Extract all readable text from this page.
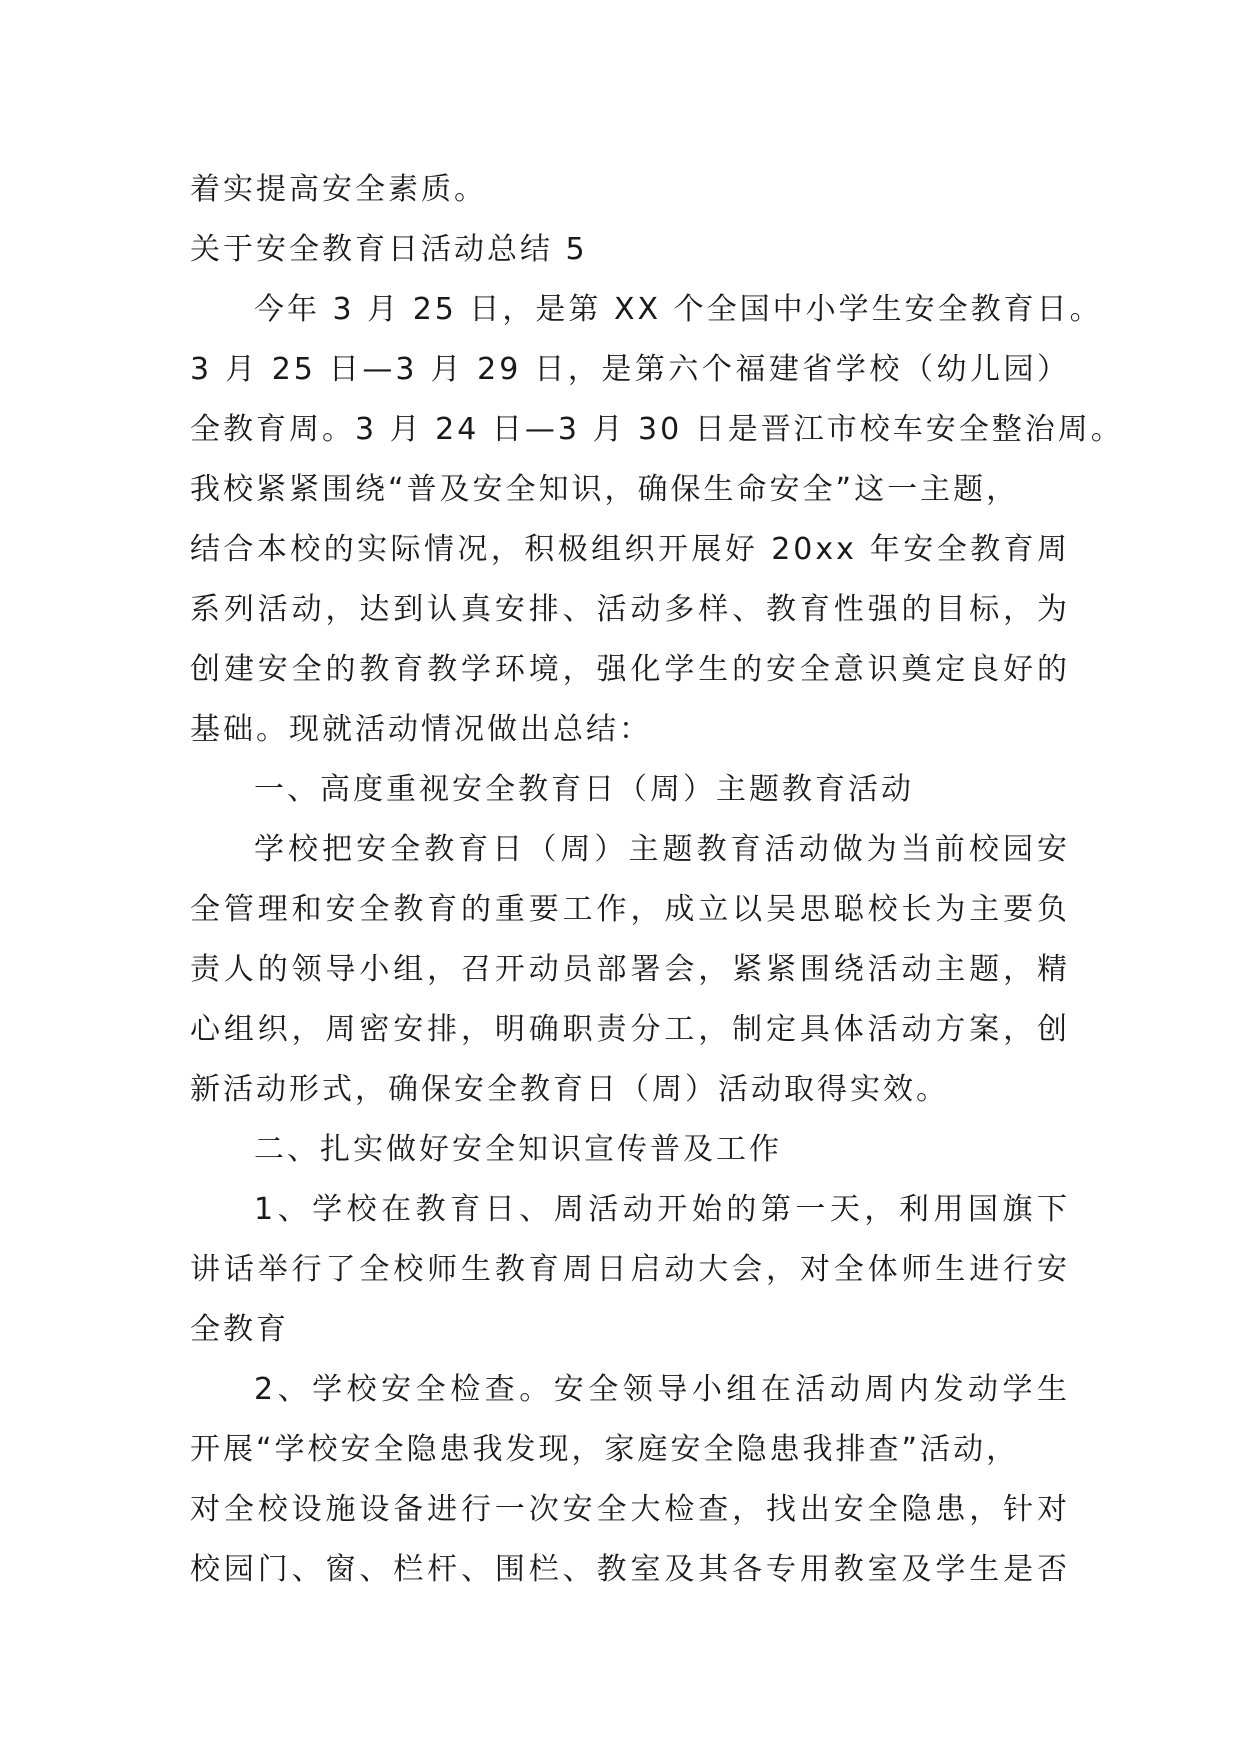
着实提高安全素质。

关于安全教育日活动总结 5

今年 3 月 25 日，是第 XX 个全国中小学生安全教育日。

3 月 25 日—3 月 29 日，是第六个福建省学校（幼儿园）

全教育周。3 月 24 日—3 月 30 日是晋江市校车安全整治周。

我校紧紧围绕“普及安全知识，确保生命安全”这一主题，

结合本校的实际情况，积极组织开展好 20xx 年安全教育周

系列活动，达到认真安排、活动多样、教育性强的目标，为

创建安全的教育教学环境，强化学生的安全意识奠定良好的

基础。现就活动情况做出总结：

一、高度重视安全教育日（周）主题教育活动

学校把安全教育日（周）主题教育活动做为当前校园安

全管理和安全教育的重要工作，成立以吴思聪校长为主要负

责人的领导小组，召开动员部署会，紧紧围绕活动主题，精

心组织，周密安排，明确职责分工，制定具体活动方案，创

新活动形式，确保安全教育日（周）活动取得实效。

二、扎实做好安全知识宣传普及工作

1、学校在教育日、周活动开始的第一天，利用国旗下

讲话举行了全校师生教育周日启动大会，对全体师生进行安

全教育

2、学校安全检查。安全领导小组在活动周内发动学生

开展“学校安全隐患我发现，家庭安全隐患我排查”活动，

对全校设施设备进行一次安全大检查，找出安全隐患，针对

校园门、窗、栏杆、围栏、教室及其各专用教室及学生是否
